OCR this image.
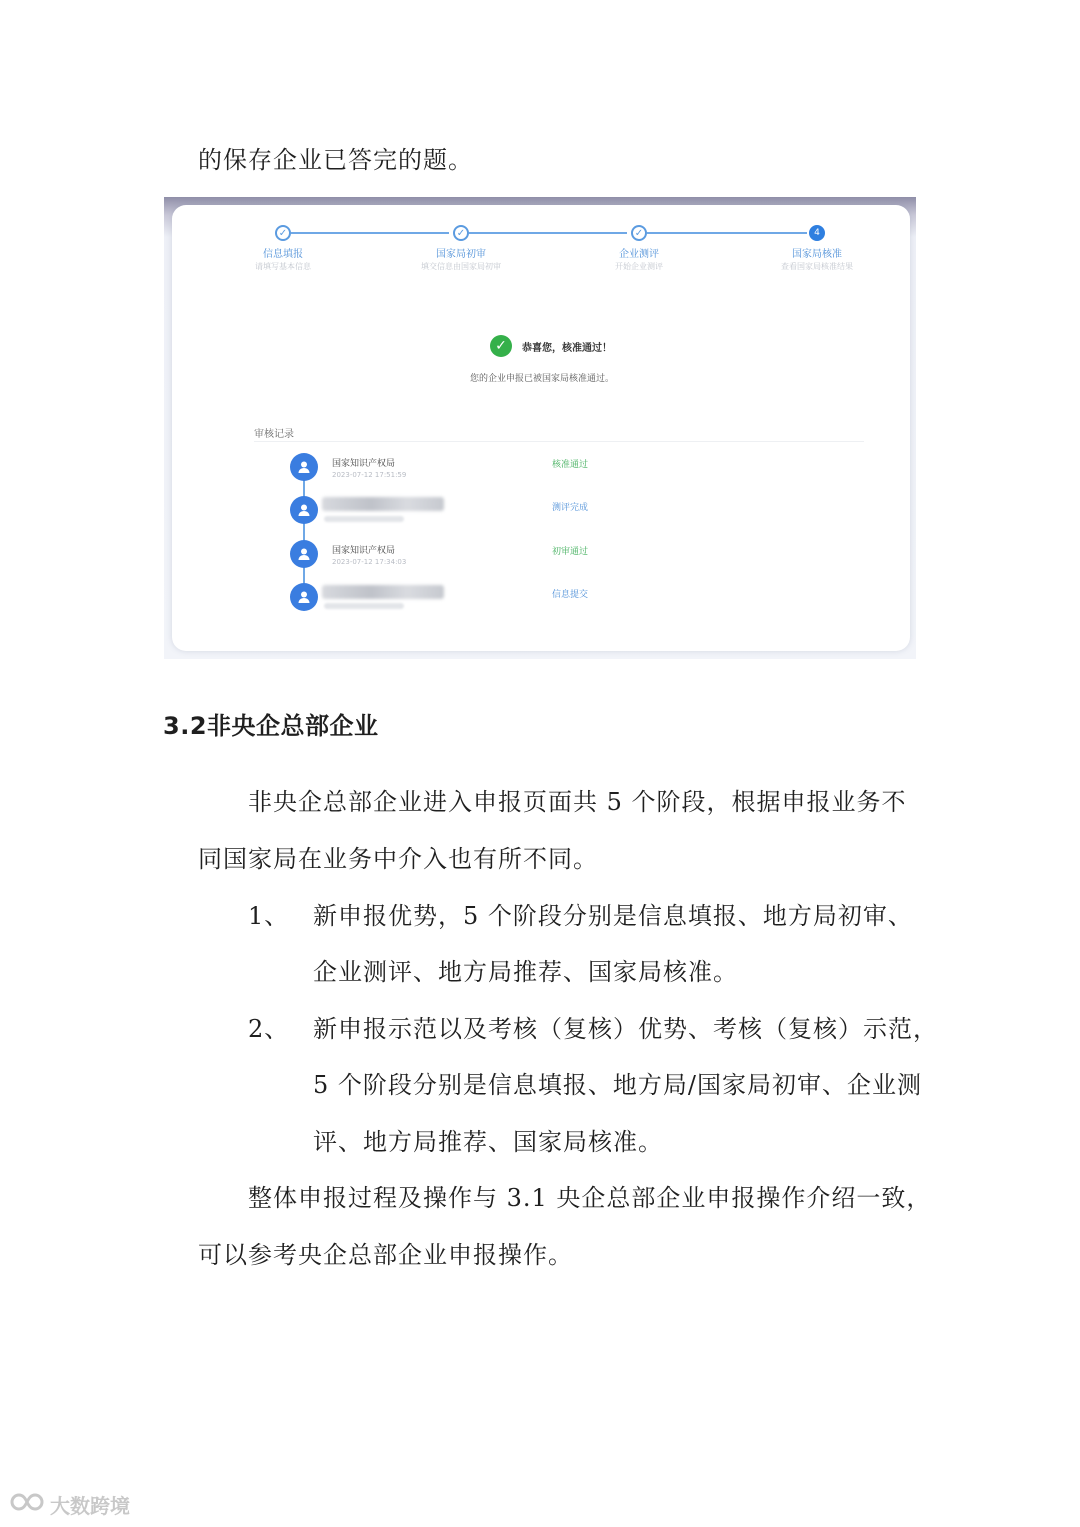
的保存企业已答完的题。
✓
信息填报
请填写基本信息
✓
国家局初审
填交信息由国家局初审
✓
企业测评
开始企业测评
4
国家局核准
查看国家局核准结果
✓	恭喜您，核准通过！
您的企业申报已被国家局核准通过。
审核记录
国家知识产权局
2023-07-12 17:51:59
核准通过
测评完成
国家知识产权局
2023-07-12 17:34:03
初审通过
信息提交
3.2非央企总部企业
非央企总部企业进入申报页面共 5 个阶段，根据申报业务不
同国家局在业务中介入也有所不同。
1、 新申报优势，5 个阶段分别是信息填报、地方局初审、
企业测评、地方局推荐、国家局核准。
2、 新申报示范以及考核（复核）优势、考核（复核）示范，
5 个阶段分别是信息填报、地方局/国家局初审、企业测
评、地方局推荐、国家局核准。
整体申报过程及操作与 3.1 央企总部企业申报操作介绍一致，
可以参考央企总部企业申报操作。
大数跨境
